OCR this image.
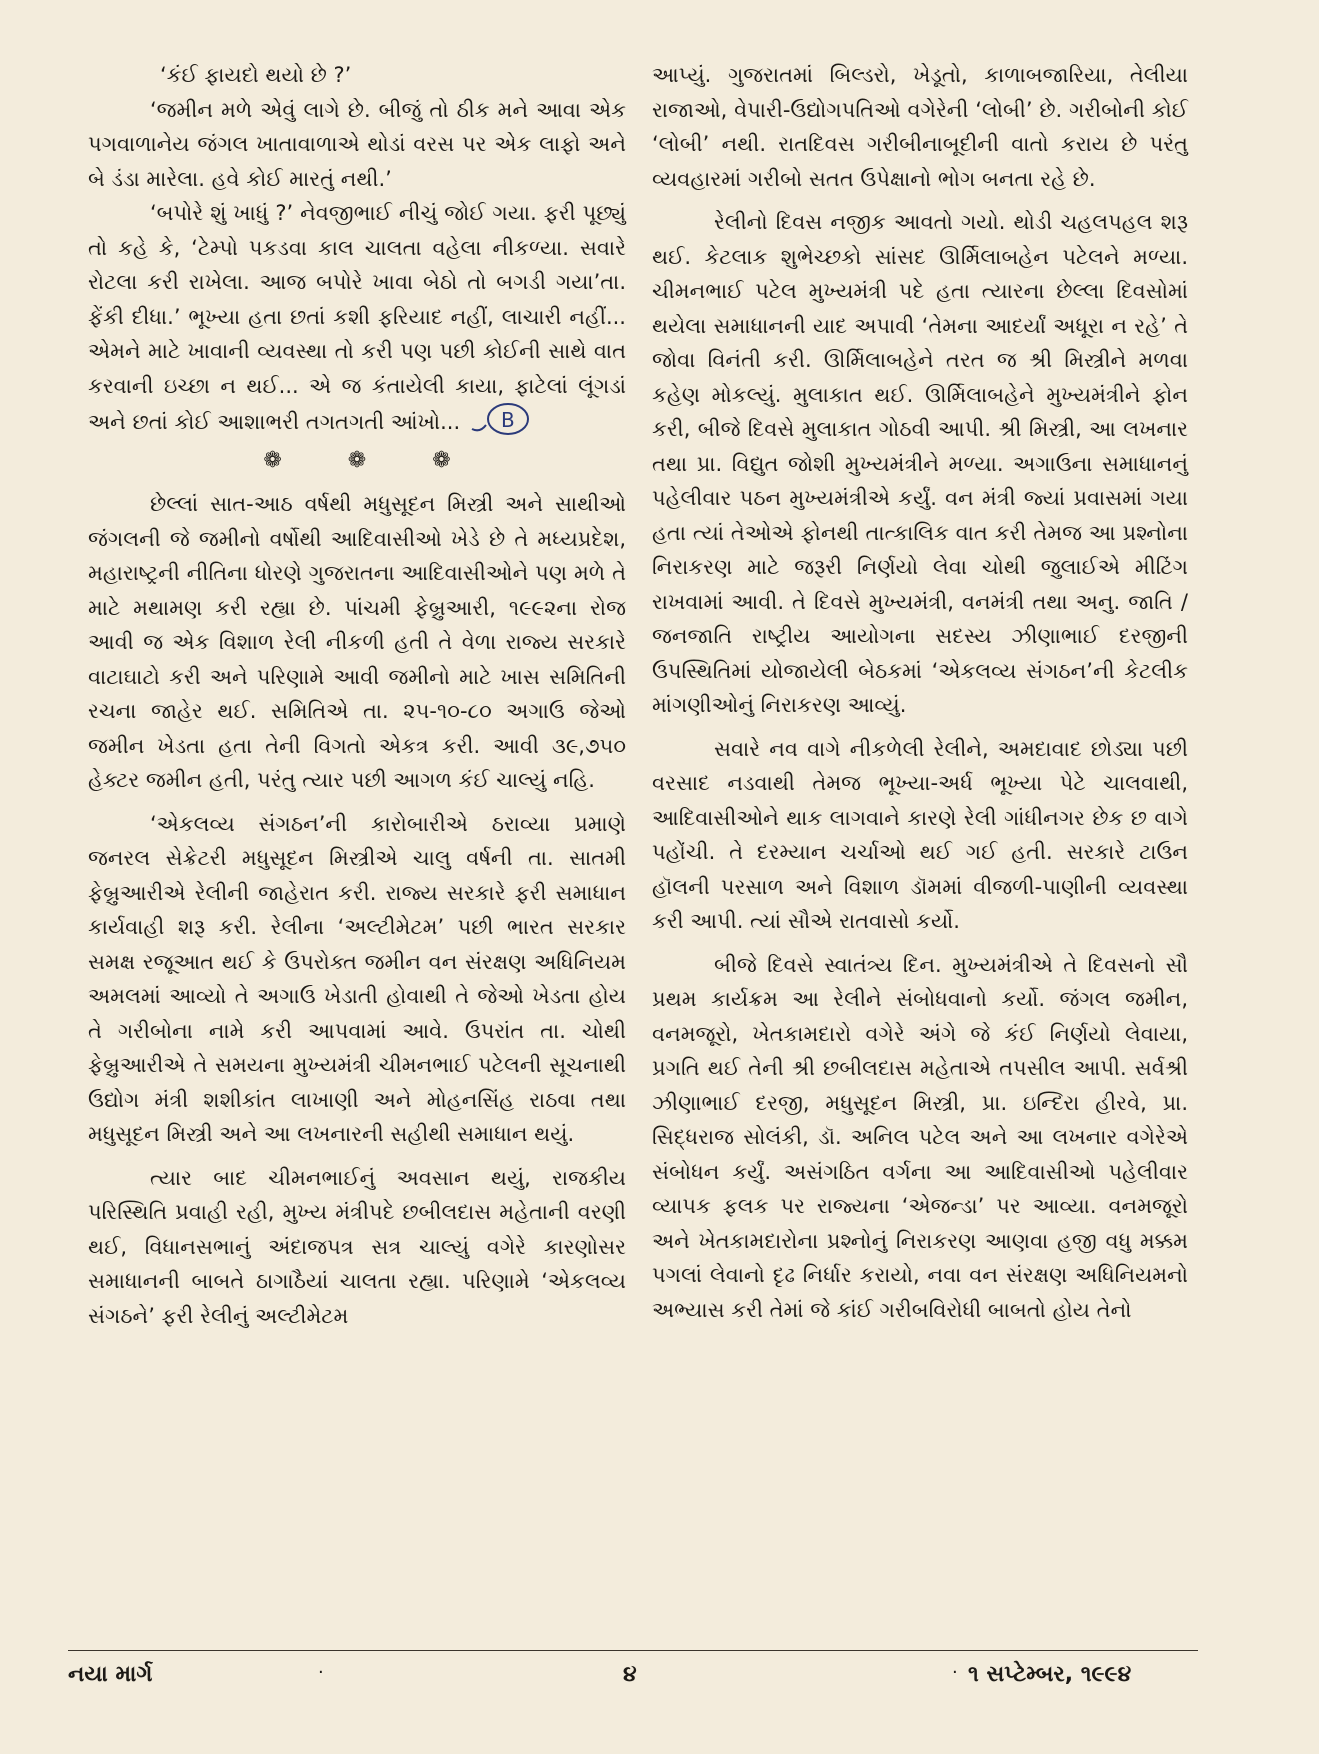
‘કંઈ ફાયદો થયો છે ?’

‘જમીન મળે એવું લાગે છે. બીજું તો ઠીક મને આવા એક પગવાળાનેય જંગલ ખાતાવાળાએ થોડાં વરસ પર એક લાફો અને બે ડંડા મારેલા. હવે કોઈ મારતું નથી.’

‘બપોરે શું ખાધું ?’ નેવજીભાઈ નીચું જોઈ ગયા. ફરી પૂછ્યું તો કહે કે, ‘ટેમ્પો પકડવા કાલ ચાલતા વહેલા નીકળ્યા. સવારે રોટલા કરી રાખેલા. આજ બપોરે ખાવા બેઠો તો બગડી ગયા’તા. ફેંકી દીધા.’ ભૂખ્યા હતા છતાં કશી ફરિયાદ નહીં, લાચારી નહીં... એમને માટે ખાવાની વ્યવસ્થા તો કરી પણ પછી કોઈની સાથે વાત કરવાની ઇચ્છા ન થઈ... એ જ કંતાયેલી કાયા, ફાટેલાં લૂંગડાં અને છતાં કોઈ આશાભરી તગતગતી આંખો... B

❁	❁	❁

છેલ્લાં સાત-આઠ વર્ષથી મધુસૂદન મિસ્ત્રી અને સાથીઓ જંગલની જે જમીનો વર્ષોથી આદિવાસીઓ ખેડે છે તે મધ્યપ્રદેશ, મહારાષ્ટ્રની નીતિના ધોરણે ગુજરાતના આદિવાસીઓને પણ મળે તે માટે મથામણ કરી રહ્યા છે. પાંચમી ફેબ્રુઆરી, ૧૯૯૨ના રોજ આવી જ એક વિશાળ રેલી નીકળી હતી તે વેળા રાજ્ય સરકારે વાટાઘાટો કરી અને પરિણામે આવી જમીનો માટે ખાસ સમિતિની રચના જાહેર થઈ. સમિતિએ તા. ૨૫-૧૦-૮૦ અગાઉ જેઓ જમીન ખેડતા હતા તેની વિગતો એકત્ર કરી. આવી ૩૯,૭૫૦ હેક્ટર જમીન હતી, પરંતુ ત્યાર પછી આગળ કંઈ ચાલ્યું નહિ.

‘એકલવ્ય સંગઠન’ની કારોબારીએ ઠરાવ્યા પ્રમાણે જનરલ સેક્રેટરી મધુસૂદન મિસ્ત્રીએ ચાલુ વર્ષની તા. સાતમી ફેબ્રુઆરીએ રેલીની જાહેરાત કરી. રાજ્ય સરકારે ફરી સમાધાન કાર્યવાહી શરૂ કરી. રેલીના ‘અલ્ટીમેટમ’ પછી ભારત સરકાર સમક્ષ રજૂઆત થઈ કે ઉપરોક્ત જમીન વન સંરક્ષણ અધિનિયમ અમલમાં આવ્યો તે અગાઉ ખેડાતી હોવાથી તે જેઓ ખેડતા હોય તે ગરીબોના નામે કરી આપવામાં આવે. ઉપરાંત તા. ચોથી ફેબ્રુઆરીએ તે સમયના મુખ્યમંત્રી ચીમનભાઈ પટેલની સૂચનાથી ઉદ્યોગ મંત્રી શશીકાંત લાખાણી અને મોહનસિંહ રાઠવા તથા મધુસૂદન મિસ્ત્રી અને આ લખનારની સહીથી સમાધાન થયું.

ત્યાર બાદ ચીમનભાઈનું અવસાન થયું, રાજકીય પરિસ્થિતિ પ્રવાહી રહી, મુખ્ય મંત્રીપદે છબીલદાસ મહેતાની વરણી થઈ, વિધાનસભાનું અંદાજપત્ર સત્ર ચાલ્યું વગેરે કારણોસર સમાધાનની બાબતે ઠાગાઠૈયાં ચાલતા રહ્યા. પરિણામે ‘એકલવ્ય સંગઠને’ ફરી રેલીનું અલ્ટીમેટમ

આપ્યું. ગુજરાતમાં બિલ્ડરો, ખેડૂતો, કાળાબજારિયા, તેલીયા રાજાઓ, વેપારી-ઉદ્યોગપતિઓ વગેરેની ‘લોબી’ છે. ગરીબોની કોઈ ‘લોબી’ નથી. રાતદિવસ ગરીબીનાબૂદીની વાતો કરાય છે પરંતુ વ્યવહારમાં ગરીબો સતત ઉપેક્ષાનો ભોગ બનતા રહે છે.

રેલીનો દિવસ નજીક આવતો ગયો. થોડી ચહલપહલ શરૂ થઈ. કેટલાક શુભેચ્છકો સાંસદ ઊર્મિલાબહેન પટેલને મળ્યા. ચીમનભાઈ પટેલ મુખ્યમંત્રી પદે હતા ત્યારના છેલ્લા દિવસોમાં થયેલા સમાધાનની યાદ અપાવી ‘તેમના આદર્યાં અધૂરા ન રહે’ તે જોવા વિનંતી કરી. ઊર્મિલાબહેને તરત જ શ્રી મિસ્ત્રીને મળવા કહેણ મોકલ્યું. મુલાકાત થઈ. ઊર્મિલાબહેને મુખ્યમંત્રીને ફોન કરી, બીજે દિવસે મુલાકાત ગોઠવી આપી. શ્રી મિસ્ત્રી, આ લખનાર તથા પ્રા. વિદ્યુત જોશી મુખ્યમંત્રીને મળ્યા. અગાઉના સમાધાનનું પહેલીવાર પઠન મુખ્યમંત્રીએ કર્યું. વન મંત્રી જ્યાં પ્રવાસમાં ગયા હતા ત્યાં તેઓએ ફોનથી તાત્કાલિક વાત કરી તેમજ આ પ્રશ્નોના નિરાકરણ માટે જરૂરી નિર્ણયો લેવા ચોથી જુલાઈએ મીટિંગ રાખવામાં આવી. તે દિવસે મુખ્યમંત્રી, વનમંત્રી તથા અનુ. જાતિ / જનજાતિ રાષ્ટ્રીય આયોગના સદસ્ય ઝીણાભાઈ દરજીની ઉપસ્થિતિમાં યોજાયેલી બેઠકમાં ‘એકલવ્ય સંગઠન’ની કેટલીક માંગણીઓનું નિરાકરણ આવ્યું.

સવારે નવ વાગે નીકળેલી રેલીને, અમદાવાદ છોડ્યા પછી વરસાદ નડવાથી તેમજ ભૂખ્યા-અર્ધ ભૂખ્યા પેટે ચાલવાથી, આદિવાસીઓને થાક લાગવાને કારણે રેલી ગાંધીનગર છેક છ વાગે પહોંચી. તે દરમ્યાન ચર્ચાઓ થઈ ગઈ હતી. સરકારે ટાઉન હૉલની પરસાળ અને વિશાળ ડૉમમાં વીજળી-પાણીની વ્યવસ્થા કરી આપી. ત્યાં સૌએ રાતવાસો કર્યો.

બીજે દિવસે સ્વાતંત્ર્ય દિન. મુખ્યમંત્રીએ તે દિવસનો સૌ પ્રથમ કાર્યક્રમ આ રેલીને સંબોધવાનો કર્યો. જંગલ જમીન, વનમજૂરો, ખેતકામદારો વગેરે અંગે જે કંઈ નિર્ણયો લેવાયા, પ્રગતિ થઈ તેની શ્રી છબીલદાસ મહેતાએ તપસીલ આપી. સર્વશ્રી ઝીણાભાઈ દરજી, મધુસૂદન મિસ્ત્રી, પ્રા. ઇન્દિરા હીરવે, પ્રા. સિદ્ધરાજ સોલંકી, ડૉ. અનિલ પટેલ અને આ લખનાર વગેરેએ સંબોધન કર્યું. અસંગઠિત વર્ગના આ આદિવાસીઓ પહેલીવાર વ્યાપક ફલક પર રાજ્યના ‘એજન્ડા’ પર આવ્યા. વનમજૂરો અને ખેતકામદારોના પ્રશ્નોનું નિરાકરણ આણવા હજી વધુ મક્કમ પગલાં લેવાનો દૃઢ નિર્ધાર કરાયો, નવા વન સંરક્ષણ અધિનિયમનો અભ્યાસ કરી તેમાં જે કાંઈ ગરીબવિરોધી બાબતો હોય તેનો

નયા માર્ગ	·	૪	· ૧ સપ્ટેમ્બર, ૧૯૯૪
